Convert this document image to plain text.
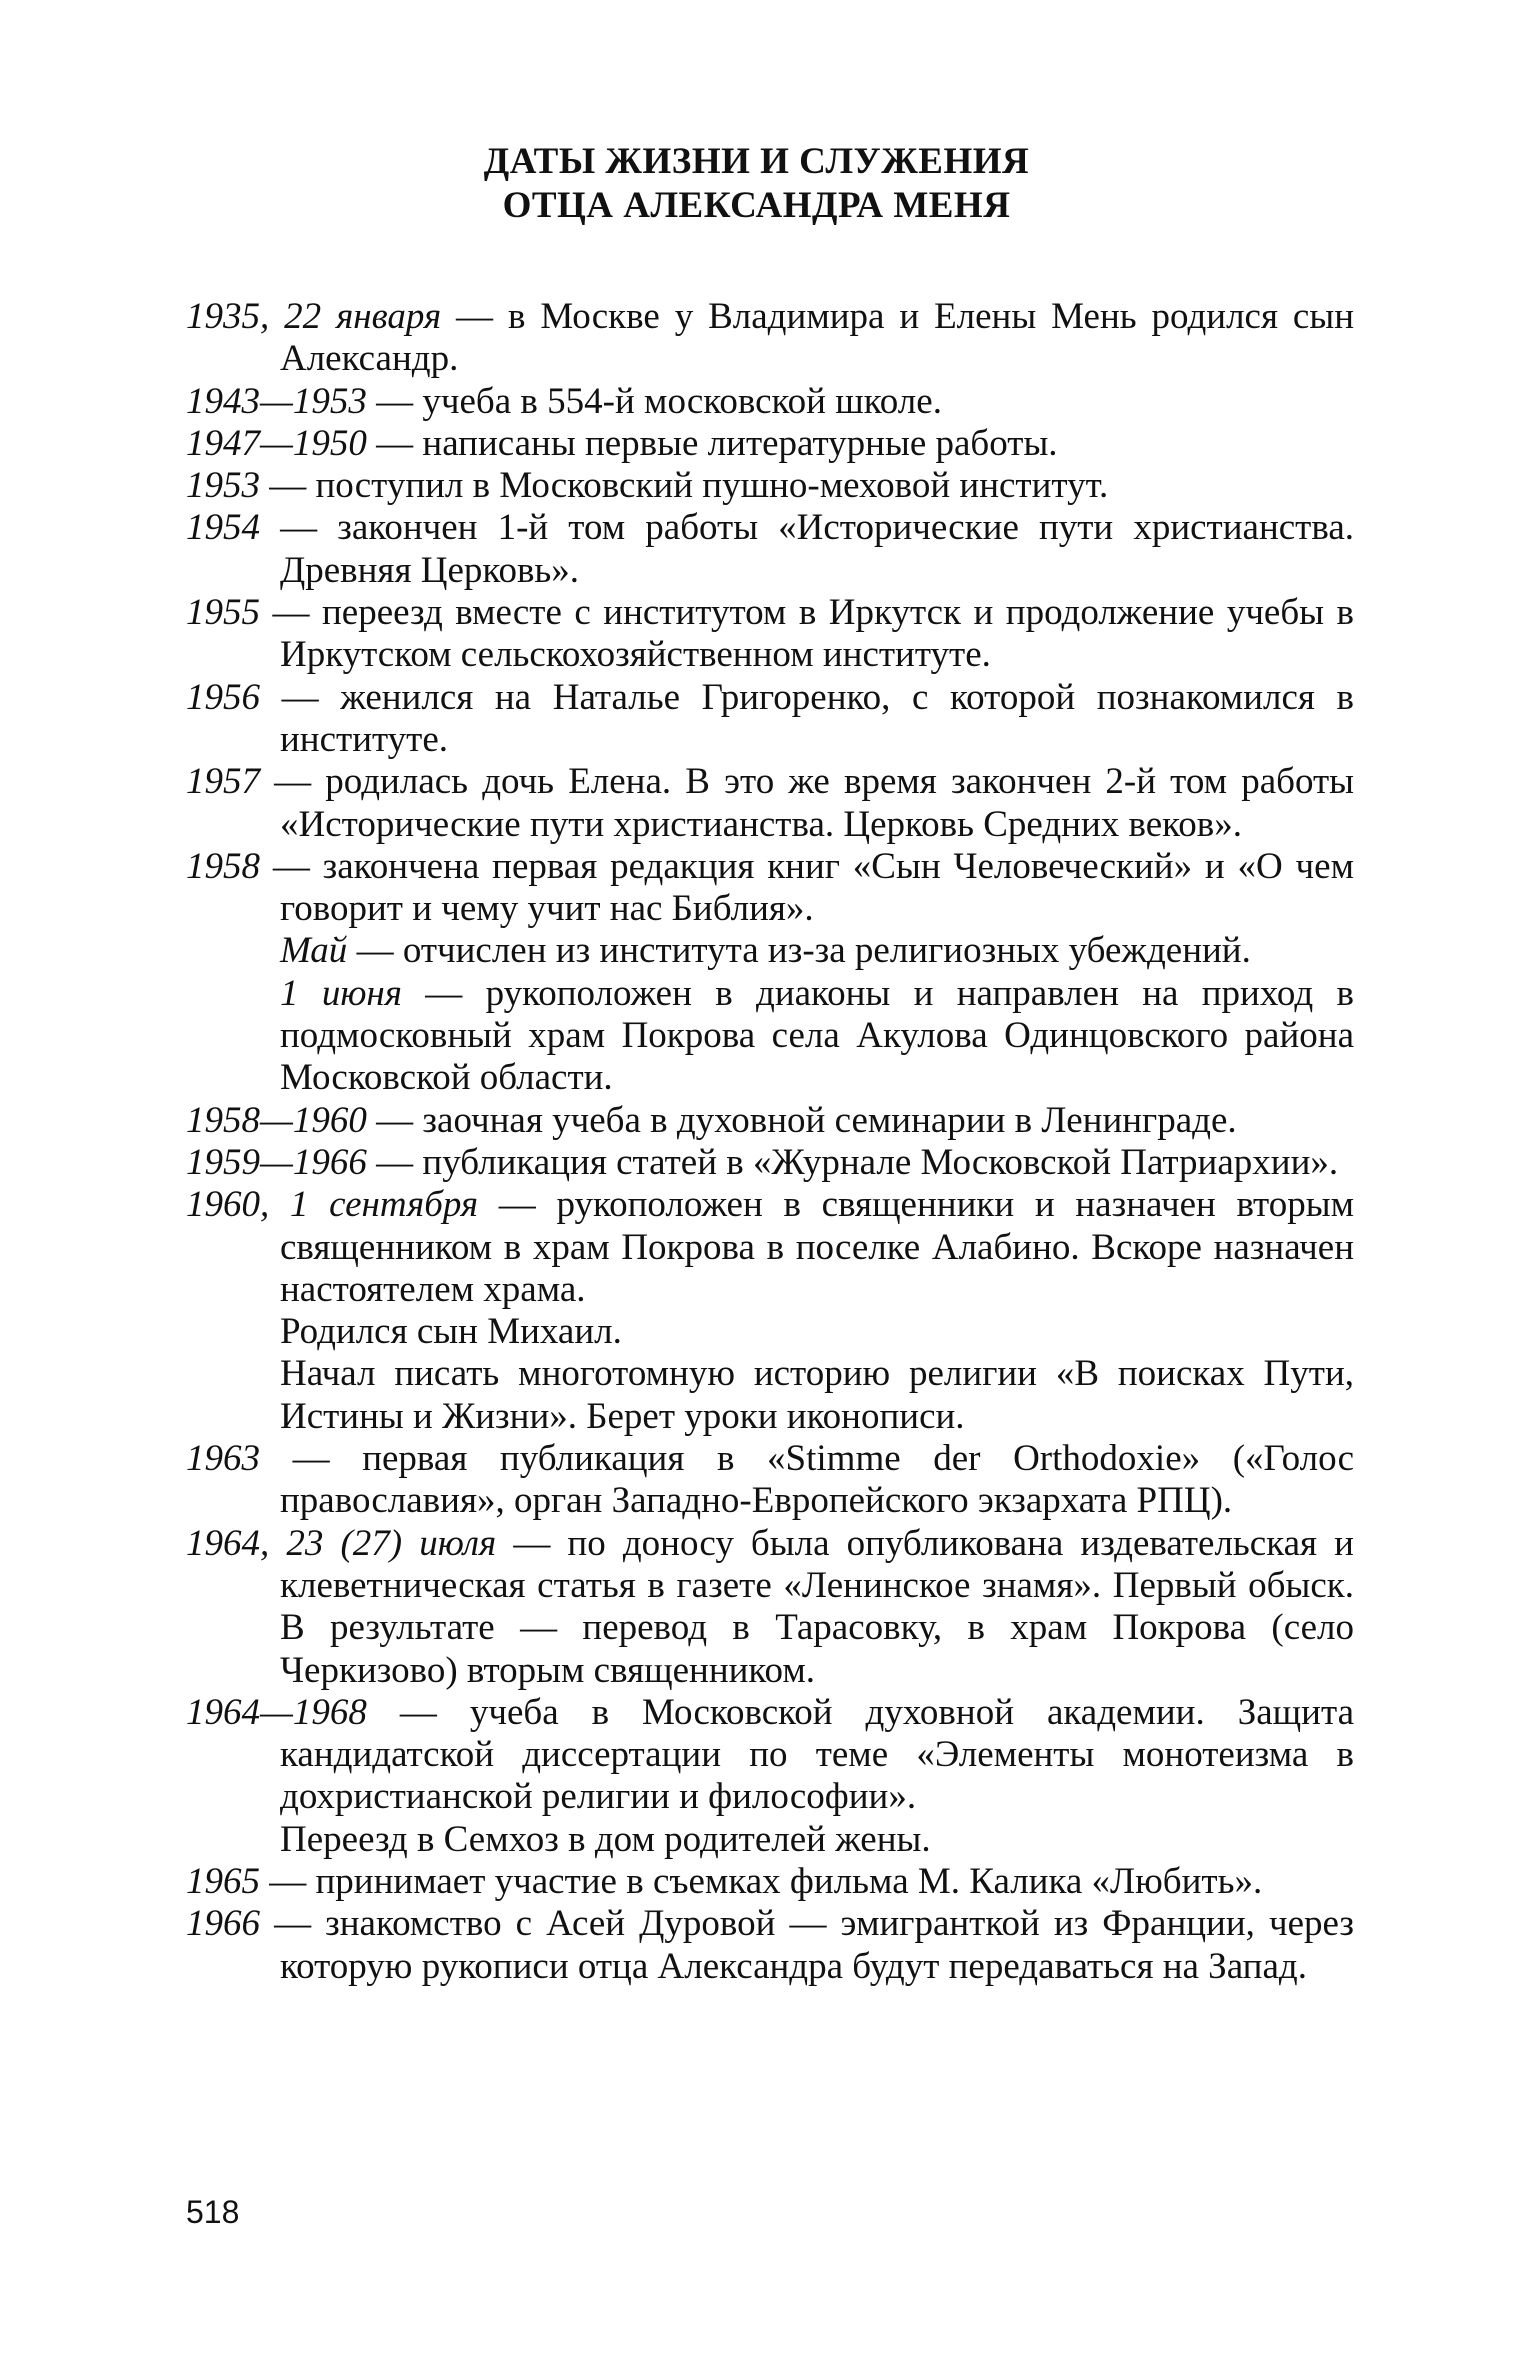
ДАТЫ ЖИЗНИ И СЛУЖЕНИЯ
ОТЦА АЛЕКСАНДРА МЕНЯ
1935, 22 января — в Москве у Владимира и Елены Мень родился сын Александр.
1943—1953 — учеба в 554-й московской школе.
1947—1950 — написаны первые литературные работы.
1953 — поступил в Московский пушно-меховой институт.
1954 — закончен 1-й том работы «Исторические пути христианства. Древняя Церковь».
1955 — переезд вместе с институтом в Иркутск и продолжение учебы в Иркутском сельскохозяйственном институте.
1956 — женился на Наталье Григоренко, с которой познакомился в институте.
1957 — родилась дочь Елена. В это же время закончен 2-й том работы «Исторические пути христианства. Церковь Средних веков».
1958 — закончена первая редакция книг «Сын Человеческий» и «О чем говорит и чему учит нас Библия».
Май — отчислен из института из-за религиозных убеждений.
1 июня — рукоположен в диаконы и направлен на приход в подмосковный храм Покрова села Акулова Одинцовского района Московской области.
1958—1960 — заочная учеба в духовной семинарии в Ленинграде.
1959—1966 — публикация статей в «Журнале Московской Патриархии».
1960, 1 сентября — рукоположен в священники и назначен вторым священником в храм Покрова в поселке Алабино. Вскоре назначен настоятелем храма.
Родился сын Михаил.
Начал писать многотомную историю религии «В поисках Пути, Истины и Жизни». Берет уроки иконописи.
1963 — первая публикация в «Stimme der Orthodoxie» («Голос православия», орган Западно-Европейского экзархата РПЦ).
1964, 23 (27) июля — по доносу была опубликована издевательская и клеветническая статья в газете «Ленинское знамя». Первый обыск. В результате — перевод в Тарасовку, в храм Покрова (село Черкизово) вторым священником.
1964—1968 — учеба в Московской духовной академии. Защита кандидатской диссертации по теме «Элементы монотеизма в дохристианской религии и философии».
Переезд в Семхоз в дом родителей жены.
1965 — принимает участие в съемках фильма М. Калика «Любить».
1966 — знакомство с Асей Дуровой — эмигранткой из Франции, через которую рукописи отца Александра будут передаваться на Запад.
518
